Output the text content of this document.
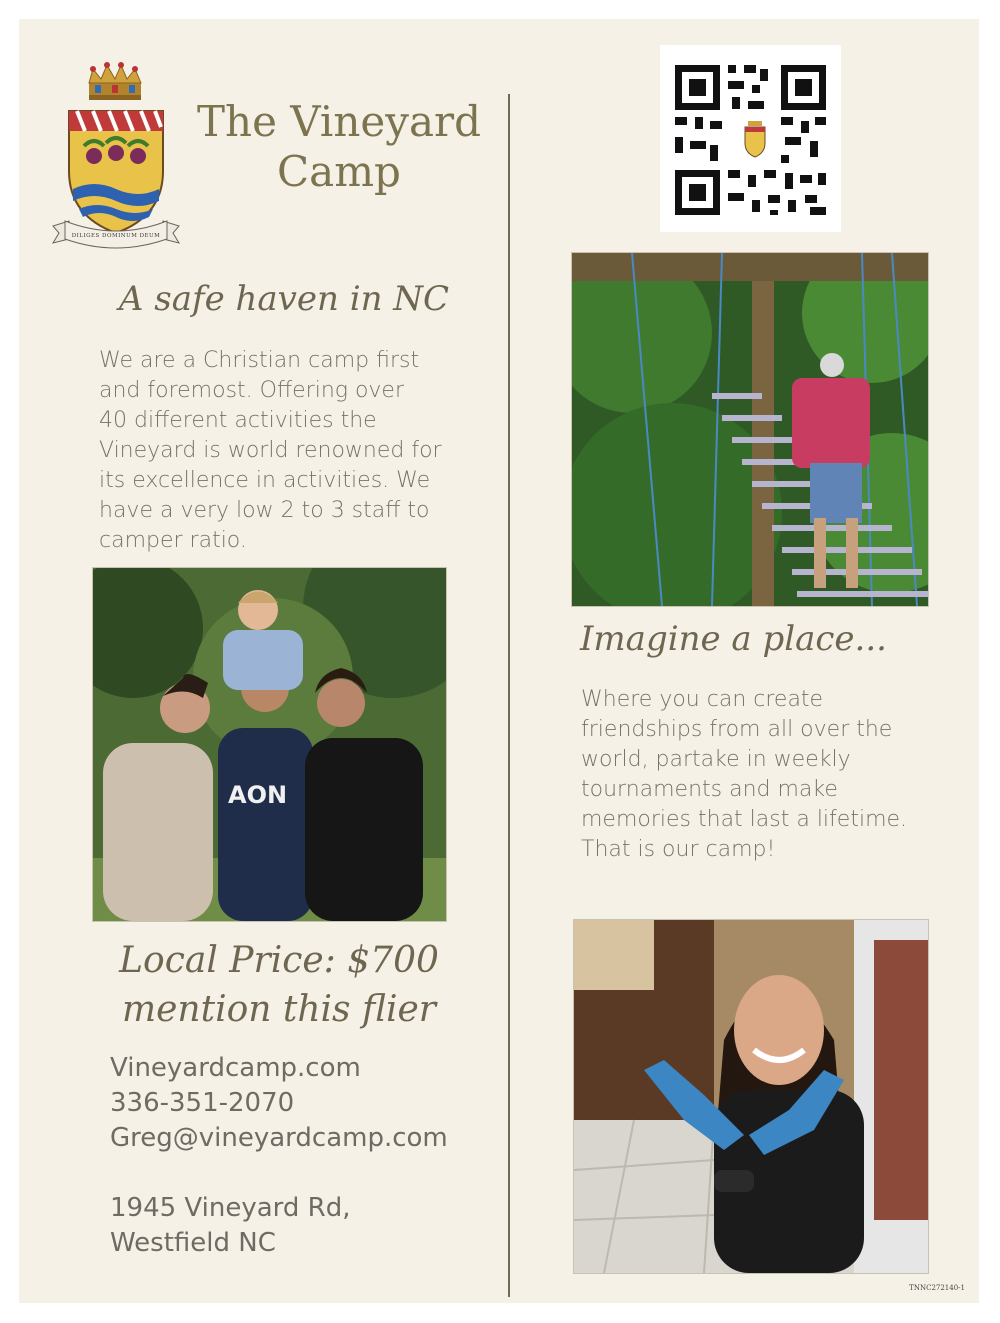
DILIGES DOMINUM DEUM
The Vineyard
Camp
A safe haven in NC
We are a Christian camp first
and foremost. Offering over
40 different activities the
Vineyard is world renowned for
its excellence in activities. We
have a very low 2 to 3 staff to
camper ratio.
AON
Local Price: $700
mention this flier
Vineyardcamp.com
336-351-2070
Greg@vineyardcamp.com
1945 Vineyard Rd,
Westfield NC
Imagine a place...
Where you can create
friendships from all over the
world, partake in weekly
tournaments and make
memories that last a lifetime.
That is our camp!
TNNC272140-1
